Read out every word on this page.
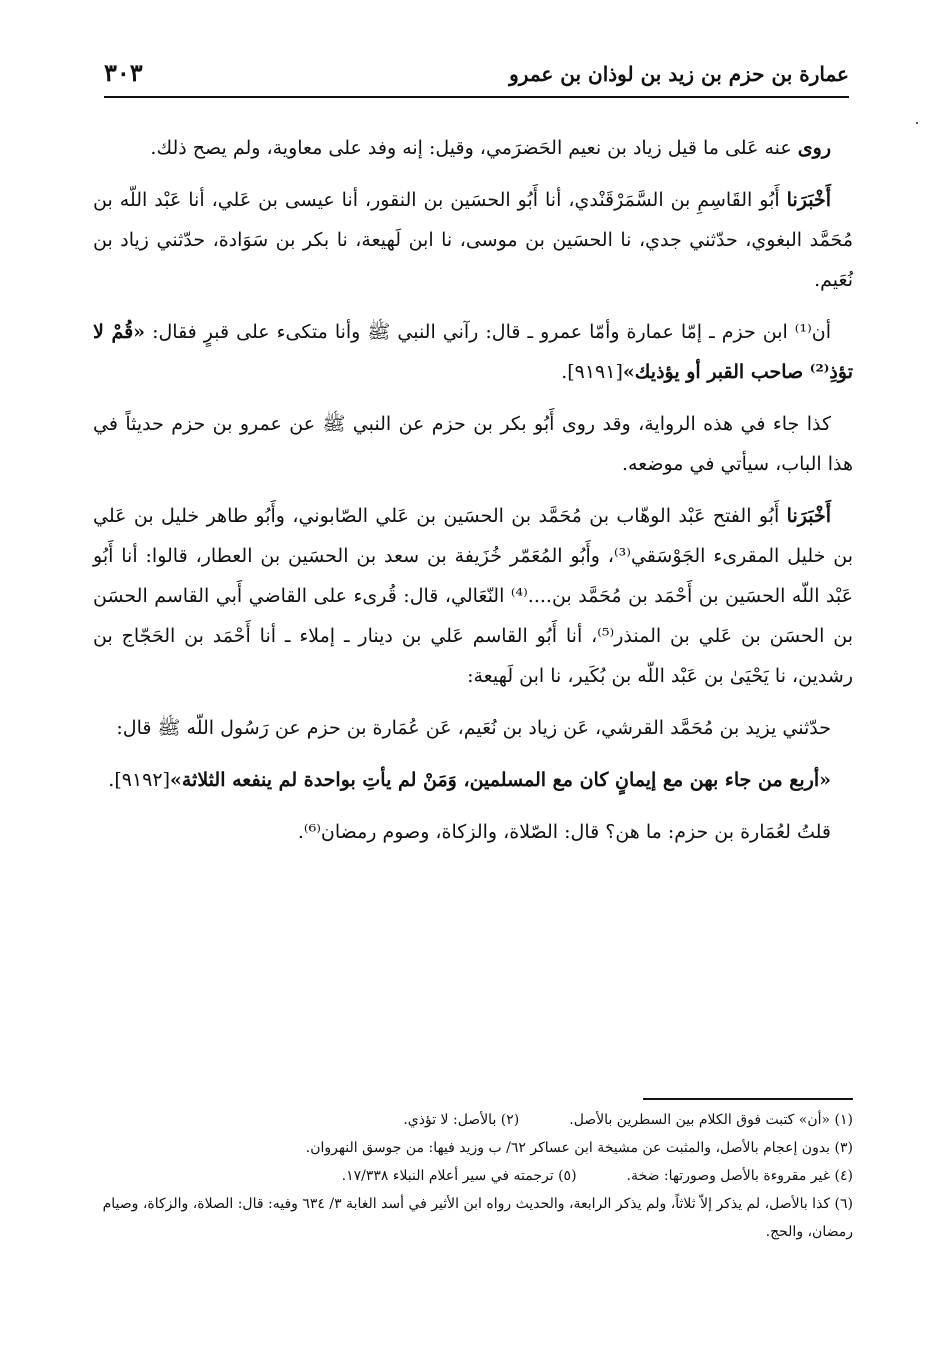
عمارة بن حزم بن زيد بن لوذان بن عمرو
٣٠٣

روى عنه عَلى ما قيل زياد بن نعيم الحَضرَمي، وقيل: إنه وفد على معاوية، ولم يصح ذلك.

أَخْبَرَنا أَبُو القَاسِمِ بن السَّمَرْقَنْدي، أنا أَبُو الحسَين بن النقور، أنا عيسى بن عَلي، أنا عَبْد اللّه بن مُحَمَّد البغوي، حدّثني جدي، نا الحسَين بن موسى، نا ابن لَهيعة، نا بكر بن سَوَادة، حدّثني زياد بن نُعَيم.

أن⁽¹⁾ ابن حزم ـ إمّا عمارة وأمّا عمرو ـ قال: رآني النبي ﷺ وأنا متكىء على قبرٍ فقال: «قُمْ لا تؤذِ⁽²⁾ صاحب القبر أو يؤذيك»[٩١٩١].

كذا جاء في هذه الرواية، وقد روى أَبُو بكر بن حزم عن النبي ﷺ عن عمرو بن حزم حديثاً في هذا الباب، سيأتي في موضعه.

أَخْبَرَنا أَبُو الفتح عَبْد الوهّاب بن مُحَمَّد بن الحسَين بن عَلي الصّابوني، وأَبُو طاهر خليل بن عَلي بن خليل المقرىء الجَوْسَقي⁽³⁾، وأَبُو المُعَمّر خُزَيفة بن سعد بن الحسَين بن العطار، قالوا: أنا أَبُو عَبْد اللّه الحسَين بن أَحْمَد بن مُحَمَّد بن....⁽⁴⁾ النّعَالي، قال: قُرىء على القاضي أَبي القاسم الحسَن بن الحسَن بن عَلي بن المنذر⁽⁵⁾، أنا أَبُو القاسم عَلي بن دينار ـ إملاء ـ أنا أَحْمَد بن الحَجّاج بن رشدين، نا يَحْيَىٰ بن عَبْد اللّه بن بُكَير، نا ابن لَهيعة:

حدّثني يزيد بن مُحَمَّد القرشي، عَن زياد بن نُعَيم، عَن عُمَارة بن حزم عن رَسُول اللّه ﷺ قال:

«أربع من جاء بهن مع إيمانٍ كان مع المسلمين، وَمَنْ لم يأتِ بواحدة لم ينفعه الثلاثة»[٩١٩٢].

قلتُ لعُمَارة بن حزم: ما هن؟ قال: الصّلاة، والزكاة، وصوم رمضان⁽⁶⁾.

(١) «أن» كتبت فوق الكلام بين السطرين بالأصل.
(٢) بالأصل: لا تؤذي.
(٣) بدون إعجام بالأصل، والمثبت عن مشيخة ابن عساكر ٦٢/ ب وزيد فيها: من جوسق النهروان.
(٤) غير مقروءة بالأصل وصورتها: ضخة.
(٥) ترجمته في سير أعلام النبلاء ١٧/٣٣٨.
(٦) كذا بالأصل، لم يذكر إلاّ ثلاثاً، ولم يذكر الرابعة، والحديث رواه ابن الأثير في أسد الغابة ٣/ ٦٣٤ وفيه: قال: الصلاة، والزكاة، وصيام رمضان، والحج.
